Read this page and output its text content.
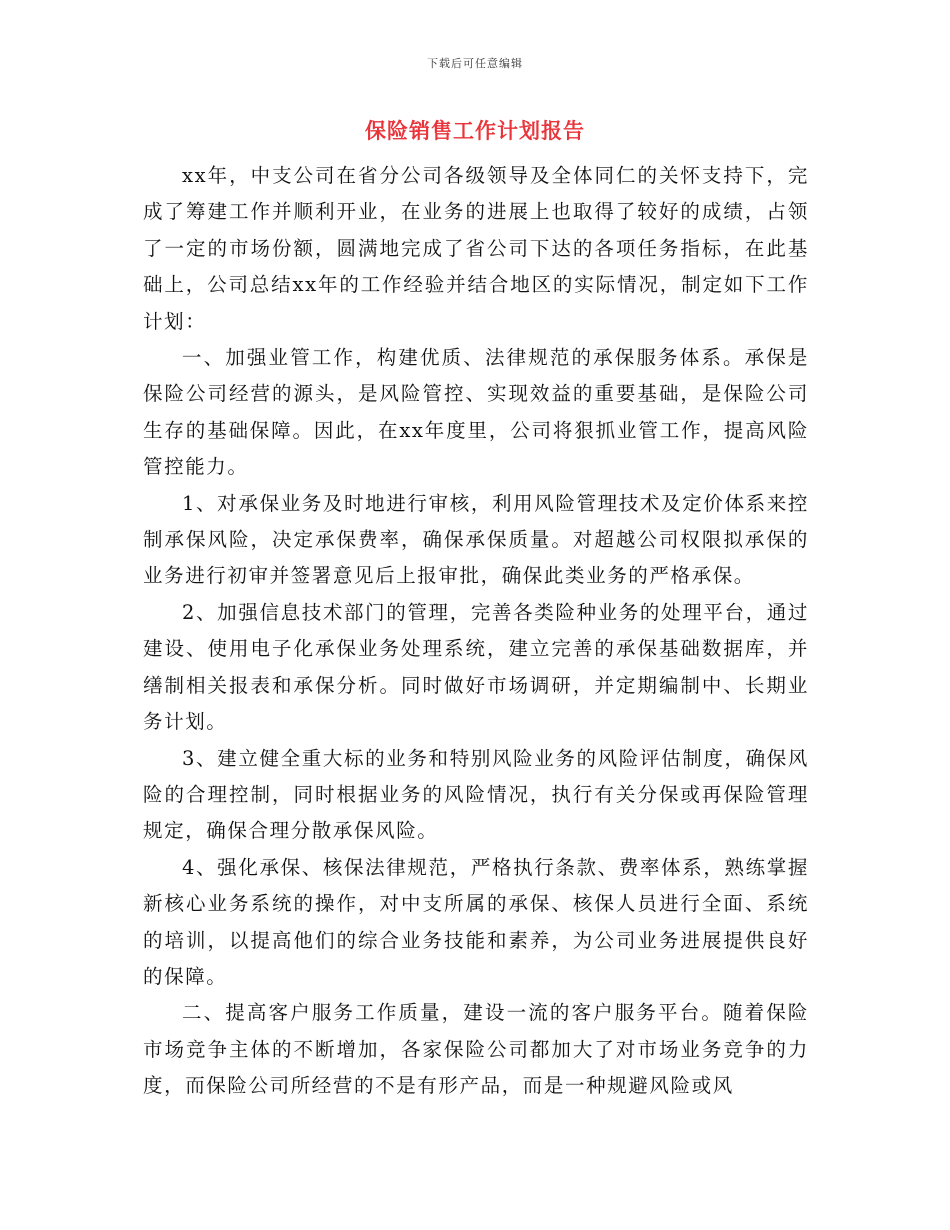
下载后可任意编辑
保险销售工作计划报告

xx年，中支公司在省分公司各级领导及全体同仁的关怀支持下，完成了筹建工作并顺利开业，在业务的进展上也取得了较好的成绩，占领了一定的市场份额，圆满地完成了省公司下达的各项任务指标，在此基础上，公司总结xx年的工作经验并结合地区的实际情况，制定如下工作计划：

一、加强业管工作，构建优质、法律规范的承保服务体系。承保是保险公司经营的源头，是风险管控、实现效益的重要基础，是保险公司生存的基础保障。因此，在xx年度里，公司将狠抓业管工作，提高风险管控能力。

1、对承保业务及时地进行审核，利用风险管理技术及定价体系来控制承保风险，决定承保费率，确保承保质量。对超越公司权限拟承保的业务进行初审并签署意见后上报审批，确保此类业务的严格承保。

2、加强信息技术部门的管理，完善各类险种业务的处理平台，通过建设、使用电子化承保业务处理系统，建立完善的承保基础数据库，并缮制相关报表和承保分析。同时做好市场调研，并定期编制中、长期业务计划。

3、建立健全重大标的业务和特别风险业务的风险评估制度，确保风险的合理控制，同时根据业务的风险情况，执行有关分保或再保险管理规定，确保合理分散承保风险。

4、强化承保、核保法律规范，严格执行条款、费率体系，熟练掌握新核心业务系统的操作，对中支所属的承保、核保人员进行全面、系统的培训，以提高他们的综合业务技能和素养，为公司业务进展提供良好的保障。

二、提高客户服务工作质量，建设一流的客户服务平台。随着保险市场竞争主体的不断增加，各家保险公司都加大了对市场业务竞争的力度，而保险公司所经营的不是有形产品，而是一种规避风险或风
